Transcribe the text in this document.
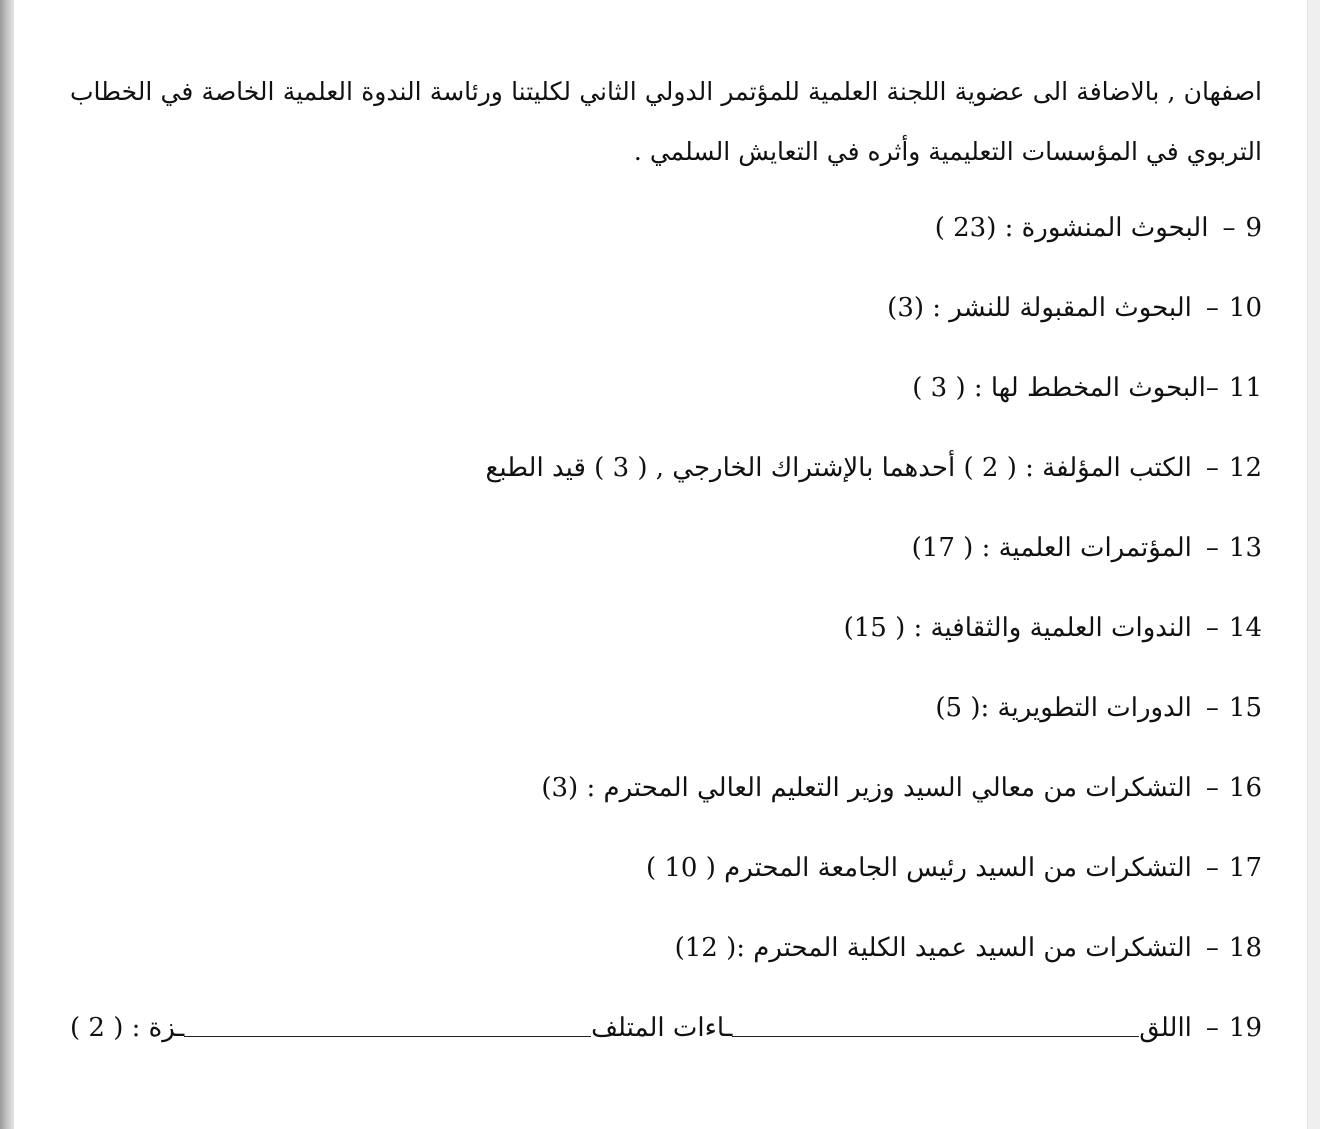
اصفهان , بالاضافة الى عضوية اللجنة العلمية للمؤتمر الدولي الثاني لكليتنا ورئاسة الندوة العلمية الخاصة في الخطاب التربوي في المؤسسات التعليمية وأثره في التعايش السلمي .

9–البحوث المنشورة : (23 )
10–البحوث المقبولة للنشر : (3)
11–البحوث المخطط لها : ( 3 )
12–الكتب المؤلفة : ( 2 ) أحدهما بالإشتراك الخارجي , ( 3 ) قيد الطبع
13–المؤتمرات العلمية : ( 17)
14–الندوات العلمية والثقافية : ( 15)
15–الدورات التطويرية :( 5)
16–التشكرات من معالي السيد وزير التعليم العالي المحترم : (3)
17–التشكرات من السيد رئيس الجامعة المحترم ( 10 )
18–التشكرات من السيد عميد الكلية المحترم :( 12)
19
–
االلق
ـاءات المتلف
ـزة : ( 2 )
